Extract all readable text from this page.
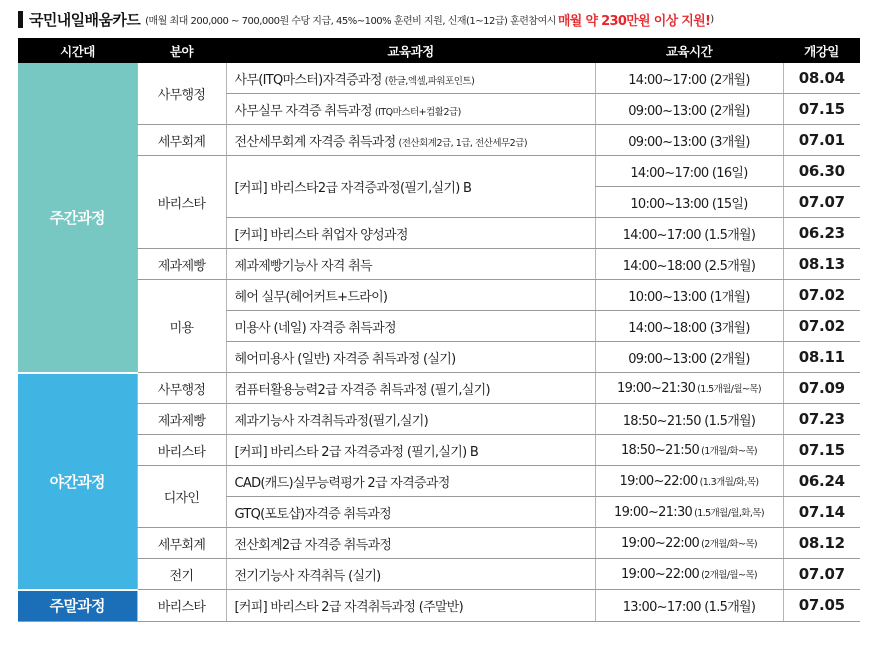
국민내일배움카드 (매월 최대 200,000 ~ 700,000원 수당 지급, 45%~100% 훈련비 지원, 신재(1~12급) 훈련참여시 매월 약 230만원 이상 지원! )
시간대	분야	교육과정	교육시간	개강일
주간과정	사무행정	사무(ITQ마스터)자격증과정 (한글,엑셀,파워포인트)	14:00~17:00 (2개월)	08.04
		사무실무 자격증 취득과정 (ITQ마스터+컴활2급)	09:00~13:00 (2개월)	07.15
	세무회계	전산세무회계 자격증 취득과정 (전산회계2급, 1급, 전산세무2급)	09:00~13:00 (3개월)	07.01
	바리스타	[커피] 바리스타2급 자격증과정(필기,실기) B	14:00~17:00 (16일)	06.30
			10:00~13:00 (15일)	07.07
		[커피] 바리스타 취업자 양성과정	14:00~17:00 (1.5개월)	06.23
	제과제빵	제과제빵기능사 자격 취득	14:00~18:00 (2.5개월)	08.13
	미용	헤어 실무(헤어커트+드라이)	10:00~13:00 (1개월)	07.02
		미용사 (네일) 자격증 취득과정	14:00~18:00 (3개월)	07.02
		헤어미용사 (일반) 자격증 취득과정 (실기)	09:00~13:00 (2개월)	08.11
야간과정	사무행정	컴퓨터활용능력2급 자격증 취득과정 (필기,실기)	19:00~21:30 (1.5개월/월~목)	07.09
	제과제빵	제과기능사 자격취득과정(필기,실기)	18:50~21:50 (1.5개월)	07.23
	바리스타	[커피] 바리스타 2급 자격증과정 (필기,실기) B	18:50~21:50 (1개월/화~목)	07.15
	디자인	CAD(캐드)실무능력평가 2급 자격증과정	19:00~22:00 (1.3개월/화,목)	06.24
		GTQ(포토샵)자격증 취득과정	19:00~21:30 (1.5개월/월,화,목)	07.14
	세무회계	전산회계2급 자격증 취득과정	19:00~22:00 (2개월/화~목)	08.12
	전기	전기기능사 자격취득 (실기)	19:00~22:00 (2개월/월~목)	07.07
주말과정	바리스타	[커피] 바리스타 2급 자격취득과정 (주말반)	13:00~17:00 (1.5개월)	07.05
